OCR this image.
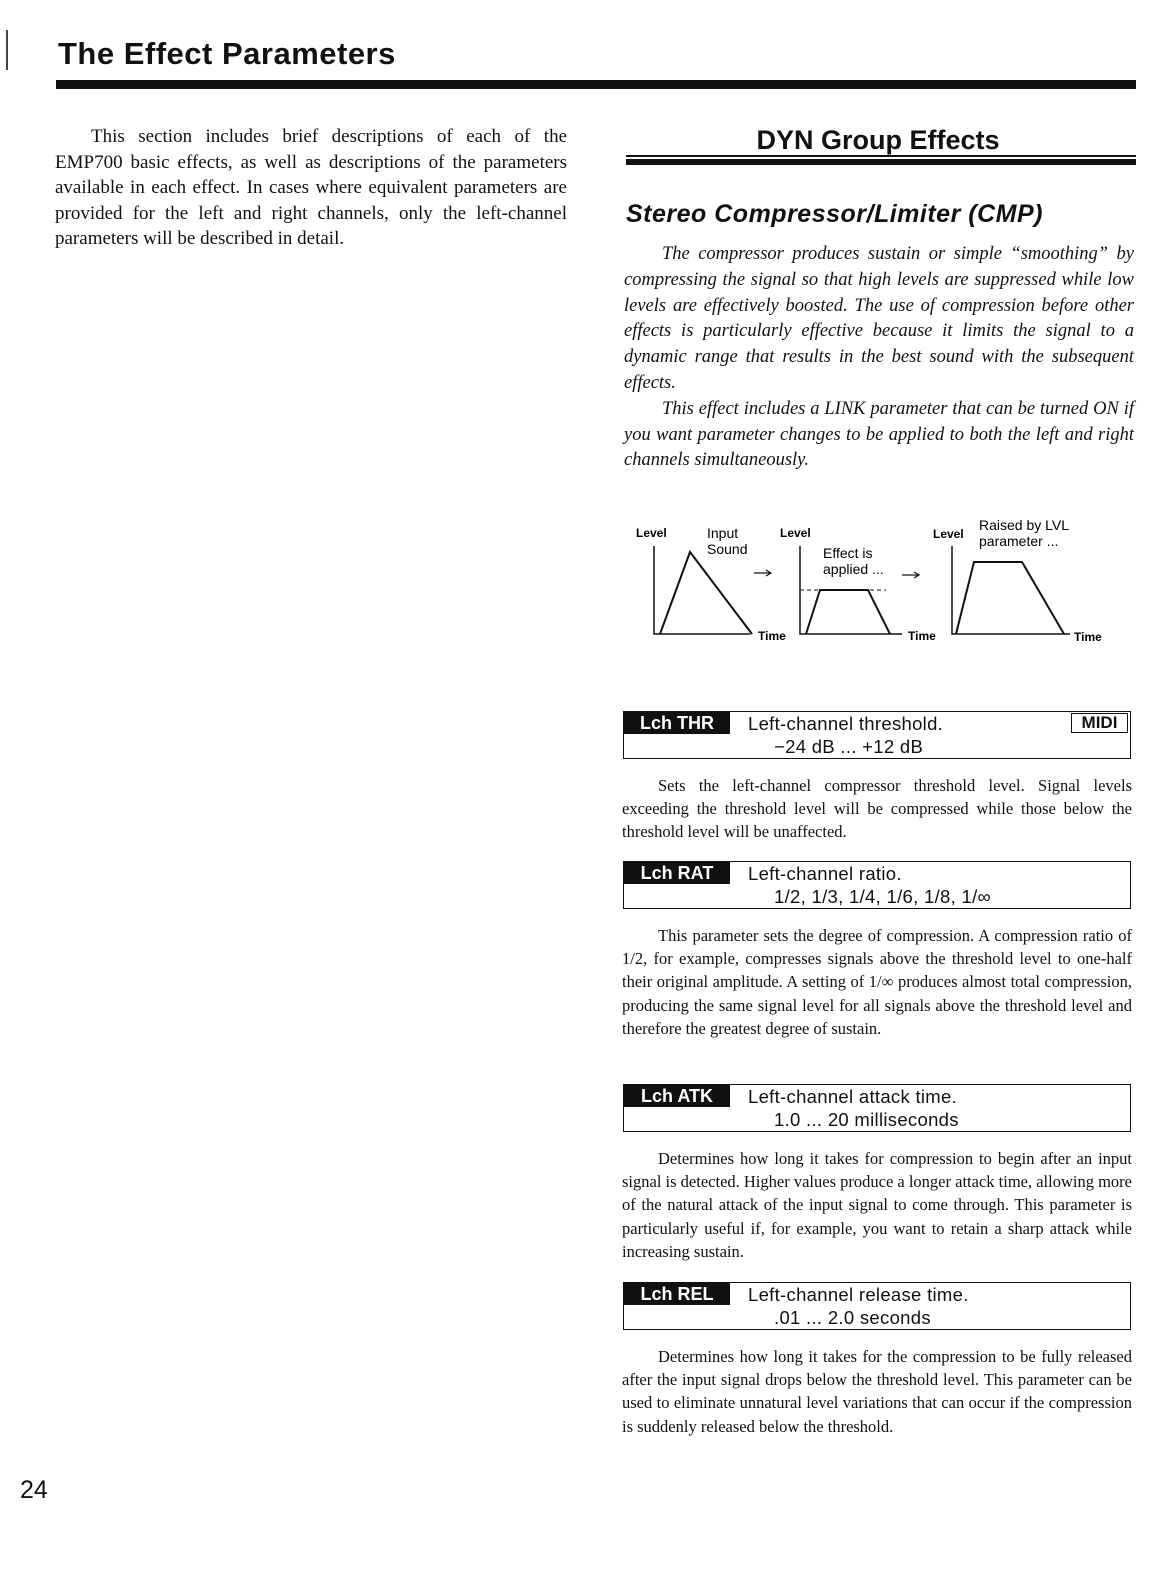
The Effect Parameters

This section includes brief descriptions of each of the EMP700 basic effects, as well as descriptions of the parameters available in each effect. In cases where equivalent parameters are provided for the left and right channels, only the left-channel parameters will be described in detail.

DYN Group Effects
Stereo Compressor/Limiter (CMP)

The compressor produces sustain or simple “smoothing” by compressing the signal so that high levels are suppressed while low levels are effectively boosted. The use of compression before other effects is particularly effective because it limits the signal to a dynamic range that results in the best sound with the subsequent effects.

This effect includes a LINK parameter that can be turned ON if you want parameter changes to be applied to both the left and right channels simultaneously.

Level	Input
Sound
Time
Level
Effect is
applied ...
Time
Level
Raised by LVL
parameter ...
Time
Lch THR	Left-channel threshold.
−24 dB ... +12 dB
MIDI

Sets the left-channel compressor threshold level. Signal levels exceeding the threshold level will be compressed while those below the threshold level will be unaffected.

Lch RAT	Left-channel ratio.
1/2, 1/3, 1/4, 1/6, 1/8, 1/∞

This parameter sets the degree of compression. A compression ratio of 1/2, for example, compresses signals above the threshold level to one-half their original amplitude. A setting of 1/∞ produces almost total compression, producing the same signal level for all signals above the threshold level and therefore the greatest degree of sustain.

Lch ATK	Left-channel attack time.
1.0 ... 20 milliseconds

Determines how long it takes for compression to begin after an input signal is detected. Higher values produce a longer attack time, allowing more of the natural attack of the input signal to come through. This parameter is particularly useful if, for example, you want to retain a sharp attack while increasing sustain.

Lch REL	Left-channel release time.
.01 ... 2.0 seconds

Determines how long it takes for the compression to be fully released after the input signal drops below the threshold level. This parameter can be used to eliminate unnatural level variations that can occur if the compression is suddenly released below the threshold.

24
